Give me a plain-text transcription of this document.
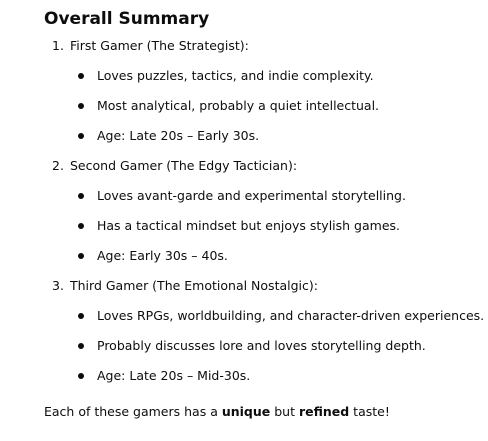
Overall Summary
1. First Gamer (The Strategist):
Loves puzzles, tactics, and indie complexity.
Most analytical, probably a quiet intellectual.
Age: Late 20s – Early 30s.
2. Second Gamer (The Edgy Tactician):
Loves avant-garde and experimental storytelling.
Has a tactical mindset but enjoys stylish games.
Age: Early 30s – 40s.
3. Third Gamer (The Emotional Nostalgic):
Loves RPGs, worldbuilding, and character-driven experiences.
Probably discusses lore and loves storytelling depth.
Age: Late 20s – Mid-30s.
Each of these gamers has a unique but refined taste!
